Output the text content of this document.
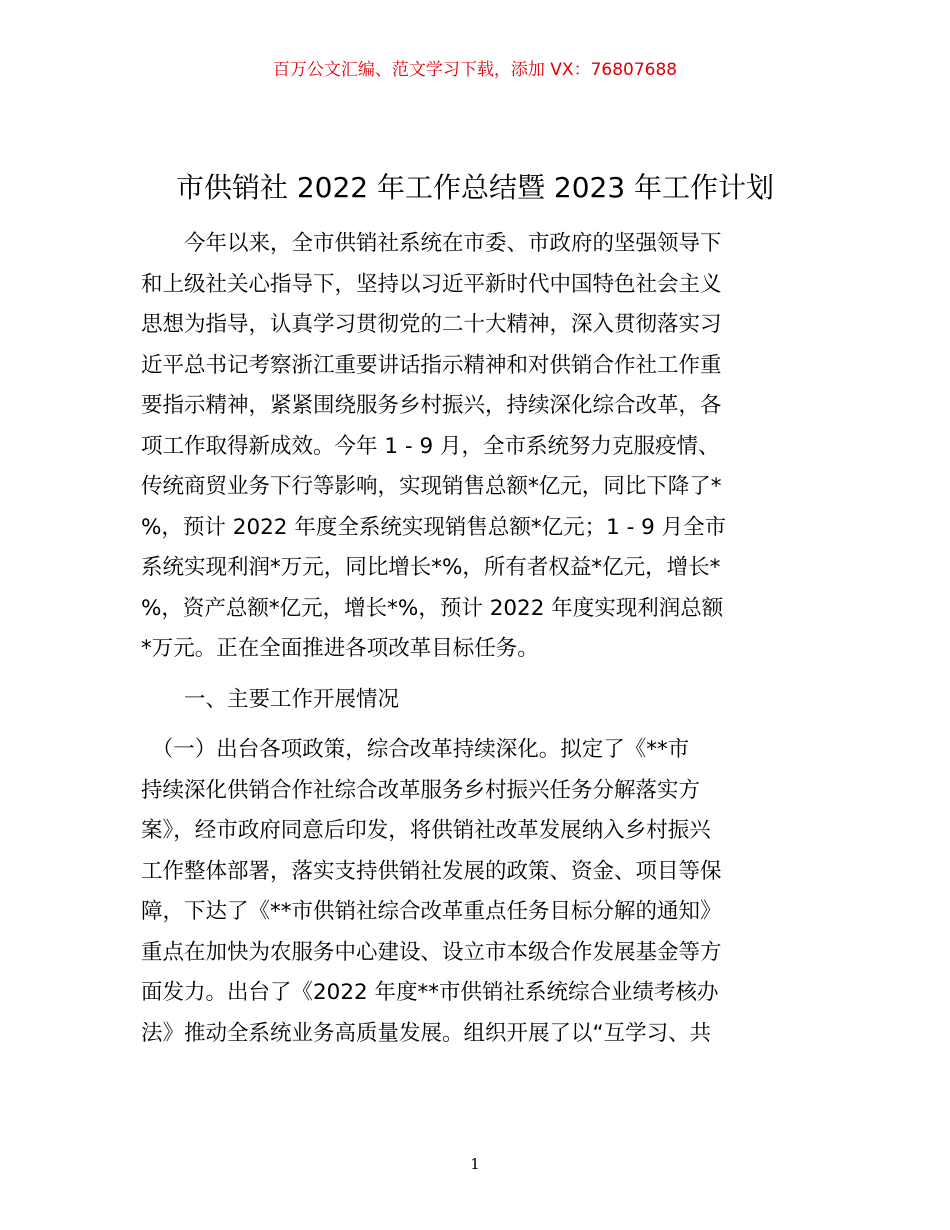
百万公文汇编、范文学习下载，添加 VX：76807688
市供销社 2022 年工作总结暨 2023 年工作计划
　　今年以来，全市供销社系统在市委、市政府的坚强领导下
和上级社关心指导下，坚持以习近平新时代中国特色社会主义
思想为指导，认真学习贯彻党的二十大精神，深入贯彻落实习
近平总书记考察浙江重要讲话指示精神和对供销合作社工作重
要指示精神，紧紧围绕服务乡村振兴，持续深化综合改革，各
项工作取得新成效。今年 1 - 9 月，全市系统努力克服疫情、
传统商贸业务下行等影响，实现销售总额*亿元，同比下降了*
%，预计 2022 年度全系统实现销售总额*亿元；1 - 9 月全市
系统实现利润*万元，同比增长*%，所有者权益*亿元，增长*
%，资产总额*亿元，增长*%，预计 2022 年度实现利润总额
*万元。正在全面推进各项改革目标任务。
　　一、主要工作开展情况
　（一）出台各项政策，综合改革持续深化。拟定了《**市
持续深化供销合作社综合改革服务乡村振兴任务分解落实方
案》，经市政府同意后印发，将供销社改革发展纳入乡村振兴
工作整体部署，落实支持供销社发展的政策、资金、项目等保
障，下达了《**市供销社综合改革重点任务目标分解的通知》
重点在加快为农服务中心建设、设立市本级合作发展基金等方
面发力。出台了《2022 年度**市供销社系统综合业绩考核办
法》推动全系统业务高质量发展。组织开展了以“互学习、共
1
